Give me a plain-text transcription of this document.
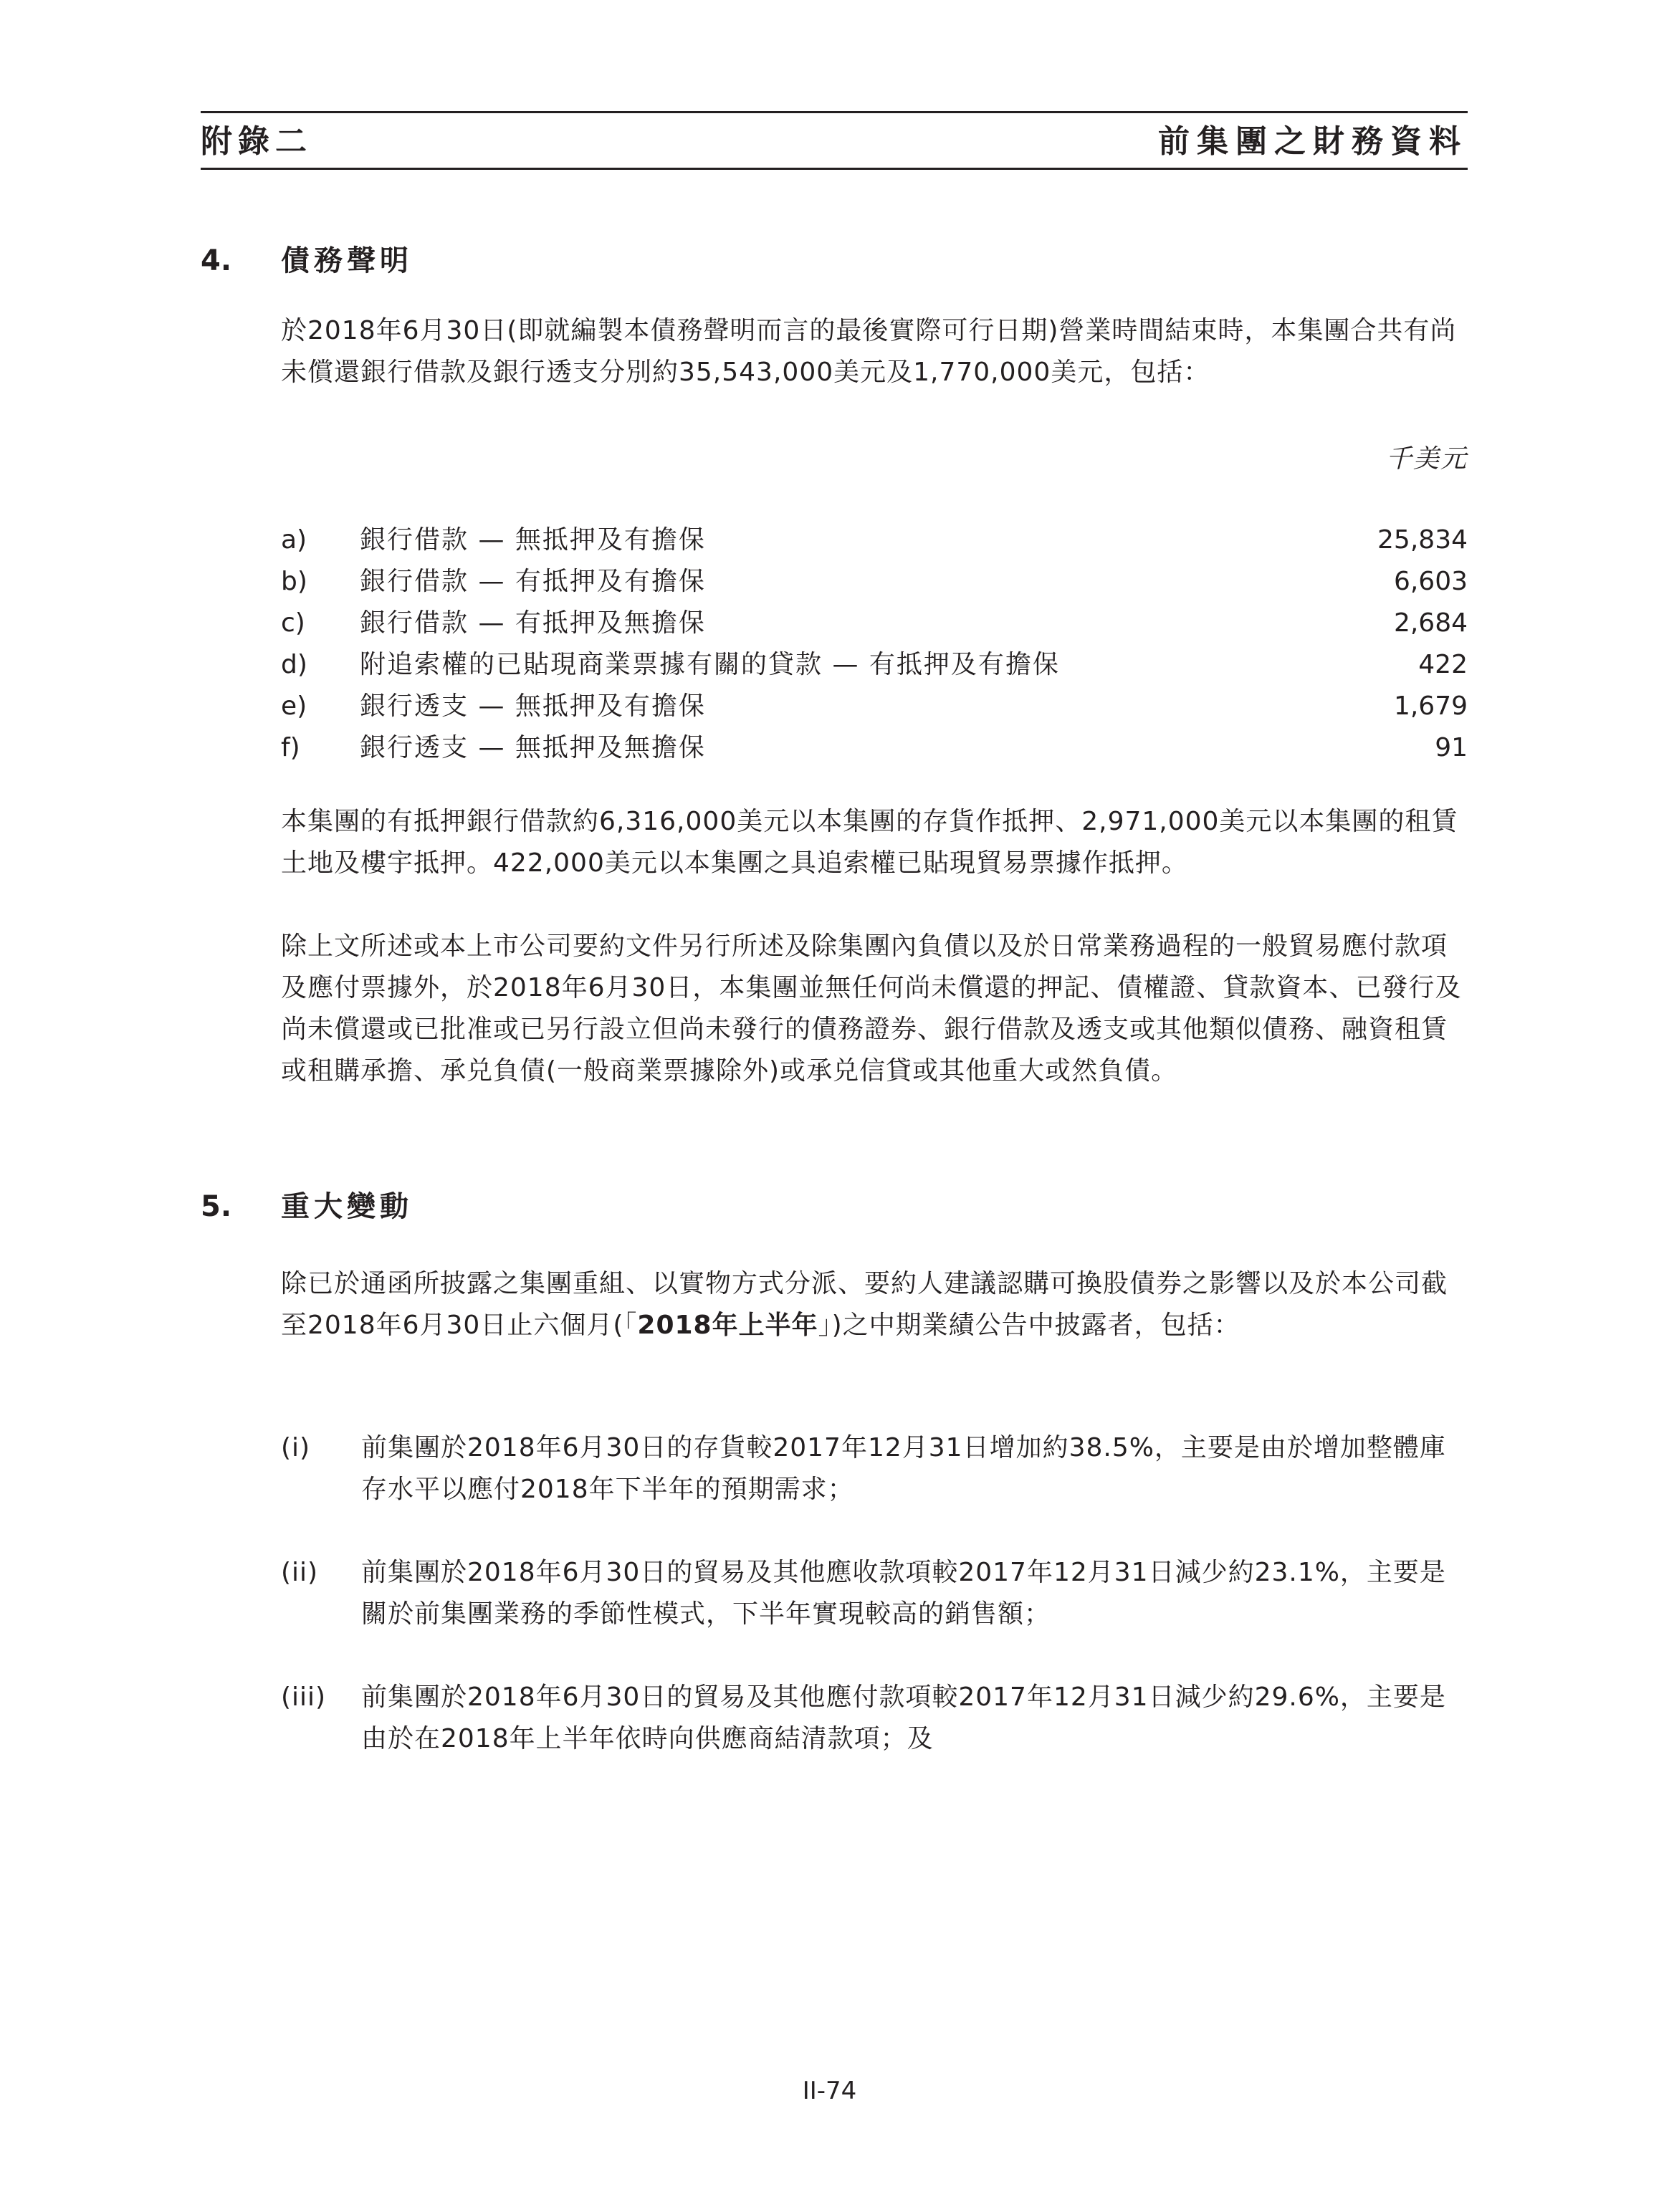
附錄二	前集團之財務資料
4. 債務聲明

於2018年6月30日(即就編製本債務聲明而言的最後實際可行日期)營業時間結束時，本集團合共有尚未償還銀行借款及銀行透支分別約35,543,000美元及1,770,000美元，包括：

千美元
a)	銀行借款 — 無抵押及有擔保	25,834
b)	銀行借款 — 有抵押及有擔保	6,603
c)	銀行借款 — 有抵押及無擔保	2,684
d)	附追索權的已貼現商業票據有關的貸款 — 有抵押及有擔保	422
e)	銀行透支 — 無抵押及有擔保	1,679
f)	銀行透支 — 無抵押及無擔保	91

本集團的有抵押銀行借款約6,316,000美元以本集團的存貨作抵押、2,971,000美元以本集團的租賃土地及樓宇抵押。422,000美元以本集團之具追索權已貼現貿易票據作抵押。

除上文所述或本上市公司要約文件另行所述及除集團內負債以及於日常業務過程的一般貿易應付款項及應付票據外，於2018年6月30日，本集團並無任何尚未償還的押記、債權證、貸款資本、已發行及尚未償還或已批准或已另行設立但尚未發行的債務證券、銀行借款及透支或其他類似債務、融資租賃或租購承擔、承兑負債(一般商業票據除外)或承兑信貸或其他重大或然負債。

5. 重大變動

除已於通函所披露之集團重組、以實物方式分派、要約人建議認購可換股債券之影響以及於本公司截至2018年6月30日止六個月(「2018年上半年」)之中期業績公告中披露者，包括：

(i) 前集團於2018年6月30日的存貨較2017年12月31日增加約38.5%，主要是由於增加整體庫存水平以應付2018年下半年的預期需求；
(ii) 前集團於2018年6月30日的貿易及其他應收款項較2017年12月31日減少約23.1%，主要是關於前集團業務的季節性模式，下半年實現較高的銷售額；
(iii) 前集團於2018年6月30日的貿易及其他應付款項較2017年12月31日減少約29.6%，主要是由於在2018年上半年依時向供應商結清款項；及
II-74
